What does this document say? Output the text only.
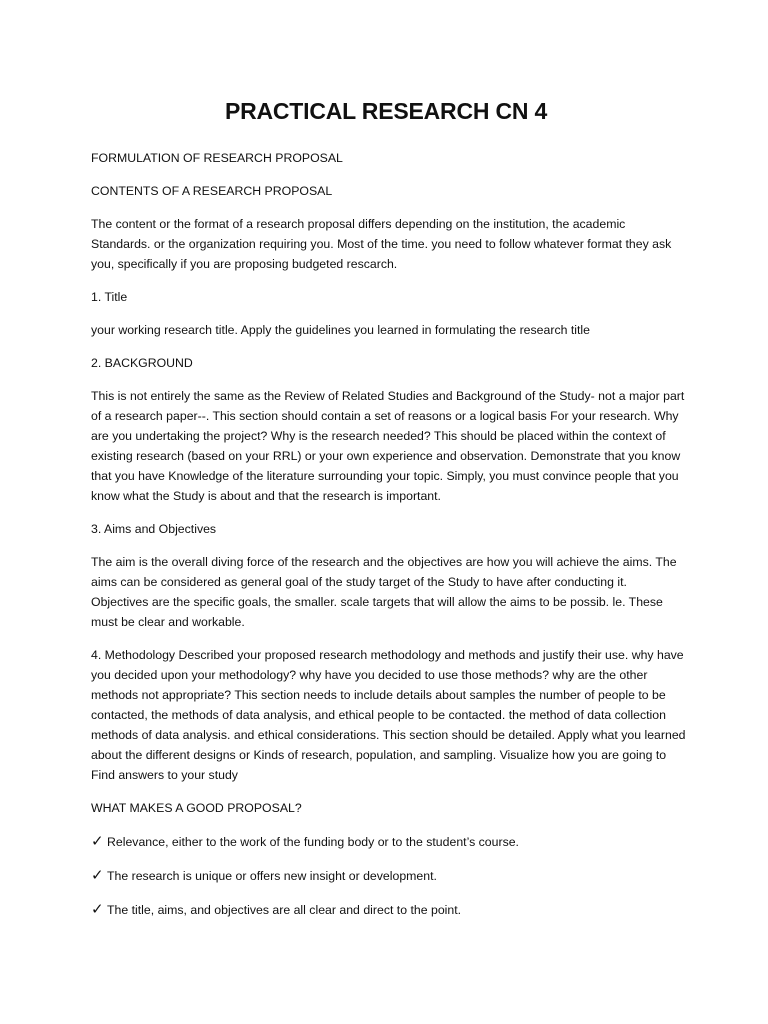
PRACTICAL RESEARCH CN 4
FORMULATION OF RESEARCH PROPOSAL
CONTENTS OF A RESEARCH PROPOSAL
The content or the format of a research proposal differs depending on the institution, the academic Standards. or the organization requiring you. Most of the time. you need to follow whatever format they ask you, specifically if you are proposing budgeted rescarch.
1. Title
your working research title. Apply the guidelines you learned in formulating the research title
2. BACKGROUND
This is not entirely the same as the Review of Related Studies and Background of the Study- not a major part of a research paper--. This section should contain a set of reasons or a logical basis For your research. Why are you undertaking the project? Why is the research needed? This should be placed within the context of existing research (based on your RRL) or your own experience and observation. Demonstrate that you know that you have Knowledge of the literature surrounding your topic. Simply, you must convince people that you know what the Study is about and that the research is important.
3. Aims and Objectives
The aim is the overall diving force of the research and the objectives are how you will achieve the aims. The aims can be considered as general goal of the study target of the Study to have after conducting it. Objectives are the specific goals, the smaller. scale targets that will allow the aims to be possib. le. These must be clear and workable.
4. Methodology Described your proposed research methodology and methods and justify their use. why have you decided upon your methodology? why have you decided to use those methods? why are the other methods not appropriate? This section needs to include details about samples the number of people to be contacted, the methods of data analysis, and ethical people to be contacted. the method of data collection methods of data analysis. and ethical considerations. This section should be detailed. Apply what you learned about the different designs or Kinds of research, population, and sampling. Visualize how you are going to Find answers to your study
WHAT MAKES A GOOD PROPOSAL?
✓ Relevance, either to the work of the funding body or to the student’s course.
✓ The research is unique or offers new insight or development.
✓ The title, aims, and objectives are all clear and direct to the point.
